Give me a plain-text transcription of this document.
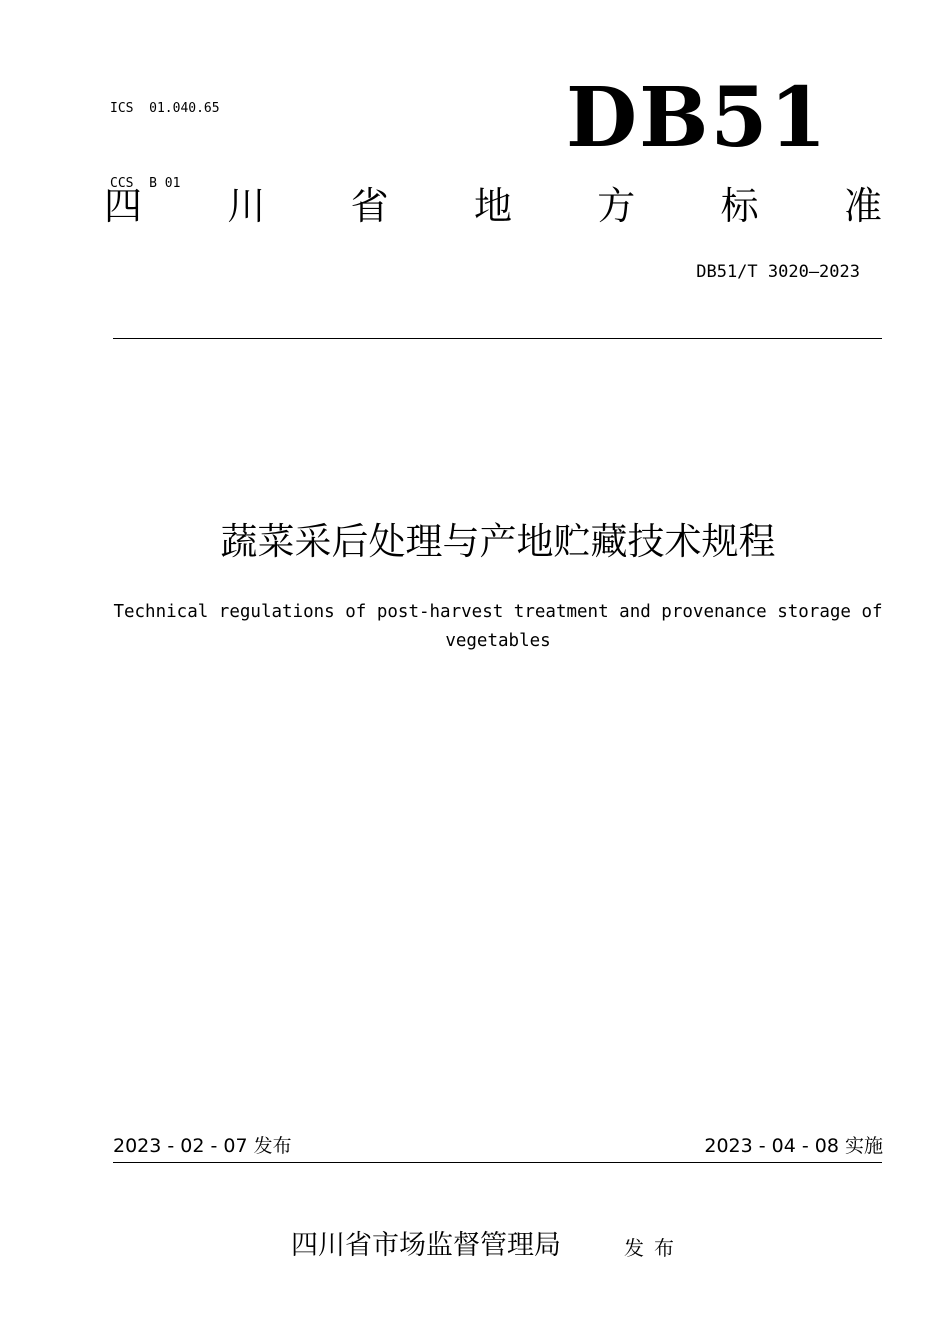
ICS  01.040.65

CCS  B 01

DB51
四 川 省 地 方 标 准
DB51/T 3020—2023
蔬菜采后处理与产地贮藏技术规程
Technical regulations of post-harvest treatment and provenance storage of vegetables
2023 - 02 - 07 发布	2023 - 04 - 08 实施
四川省市场监督管理局	发布
